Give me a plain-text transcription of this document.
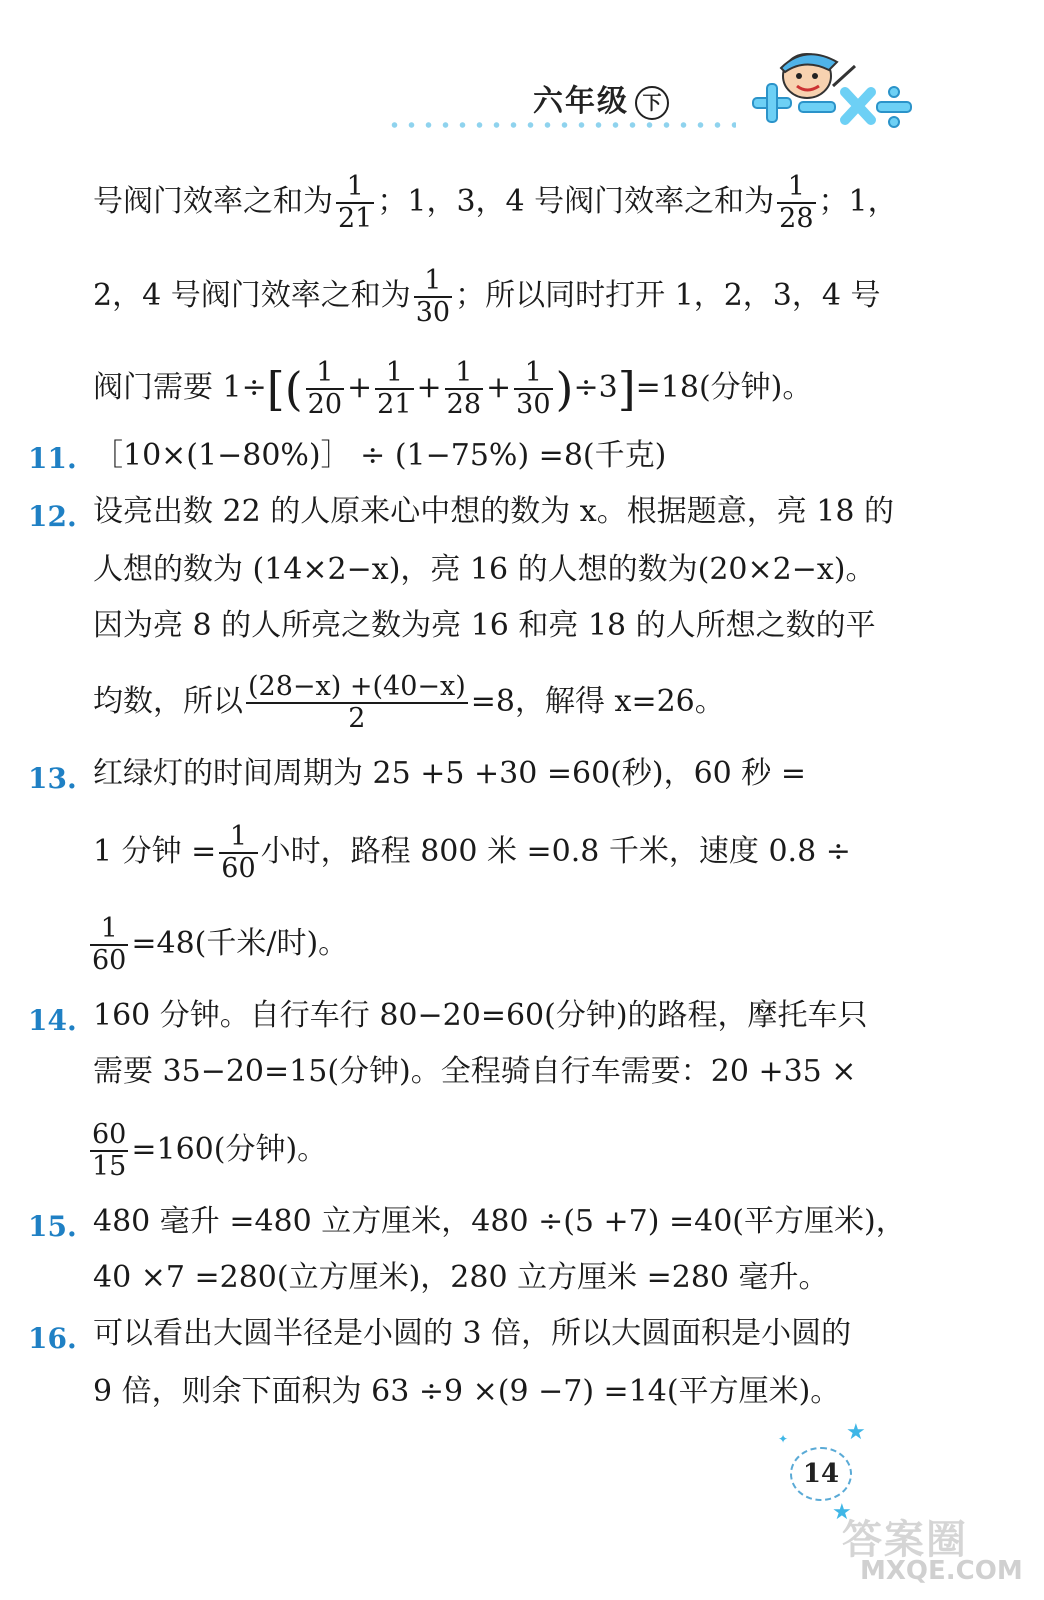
六年级 下
号阀门效率之和为 $\frac{1}{21}$ ；1，3，4 号阀门效率之和为 $\frac{1}{28}$ ；1，
2，4 号阀门效率之和为 $\frac{1}{30}$ ；所以同时打开 1，2，3，4 号
阀门需要 $1\div[( \frac{1}{20} + \frac{1}{21} + \frac{1}{28} + \frac{1}{30} )\div 3]=18$(分钟)。
11. ［10×(1−80%)］ ÷ (1−75%) =8(千克)
12. 设亮出数 22 的人原来心中想的数为 x。根据题意，亮 18 的
人想的数为 (14×2−x)，亮 16 的人想的数为(20×2−x)。
因为亮 8 的人所亮之数为亮 16 和亮 18 的人所想之数的平
均数，所以 $\frac{(28-x) +(40-x)}{2} =8$，解得 x=26。
13. 红绿灯的时间周期为 25 +5 +30 =60(秒)，60 秒 =
1 分钟 = $\frac{1}{60}$ 小时，路程 800 米 =0.8 千米，速度 0.8 ÷
$\frac{1}{60} =48$(千米/时)。
14. 160 分钟。自行车行 80−20=60(分钟)的路程，摩托车只
需要 35−20=15(分钟)。全程骑自行车需要：20 +35 ×
$\frac{60}{15} =160$(分钟)。
15. 480 毫升 =480 立方厘米，480 ÷(5 +7) =40(平方厘米)，
40 ×7 =280(立方厘米)，280 立方厘米 =280 毫升。
16. 可以看出大圆半径是小圆的 3 倍，所以大圆面积是小圆的
9 倍，则余下面积为 63 ÷9 ×(9 −7) =14(平方厘米)。
★
✦
★
14
答案圈
MXQE.COM
